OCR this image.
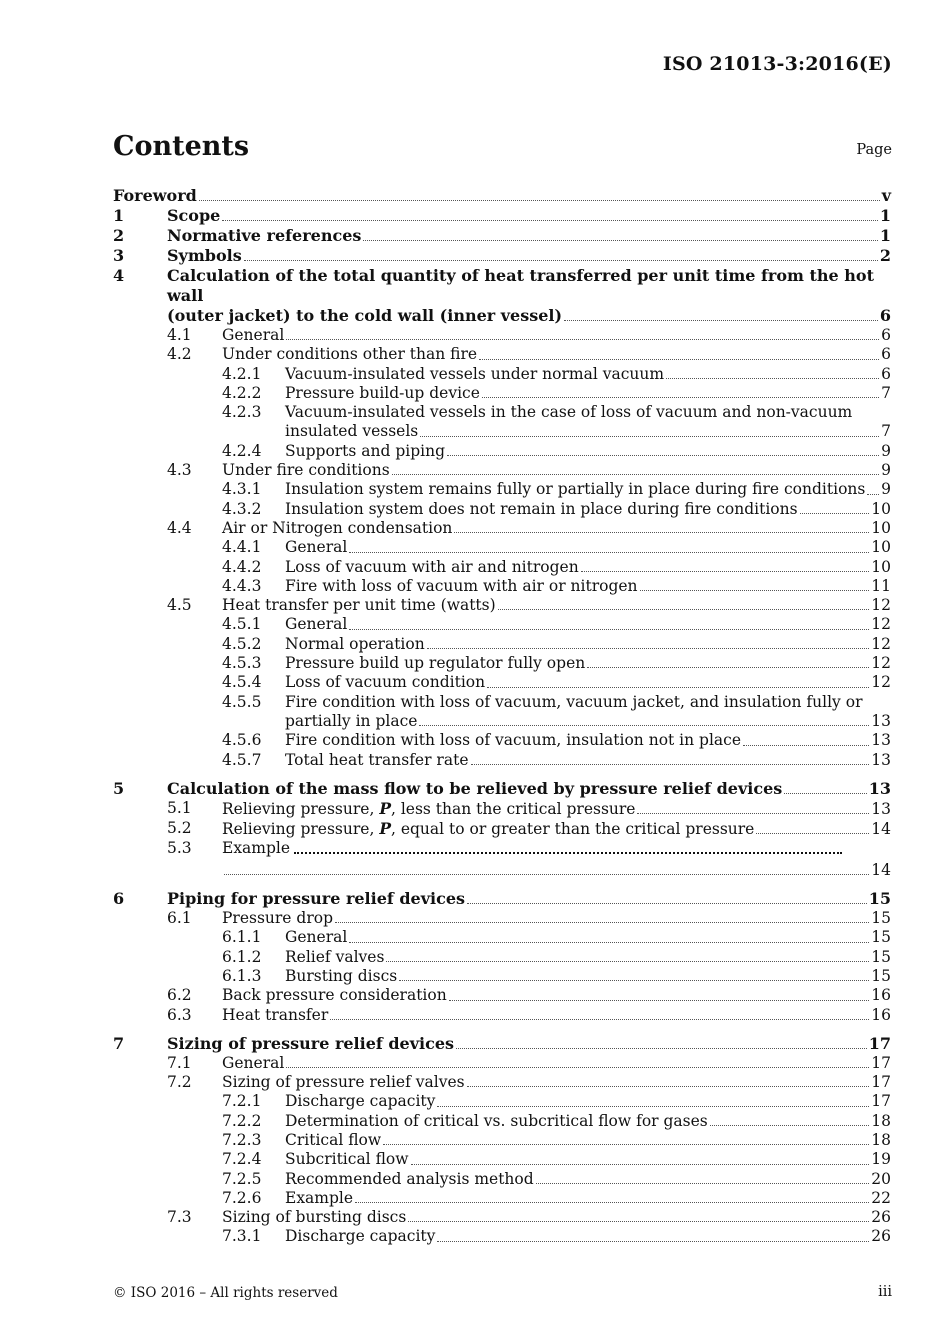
ISO 21013-3:2016(E)
Contents	Page
Foreword	v
1	Scope	1
2	Normative references	1
3	Symbols	2
4	Calculation of the total quantity of heat transferred per unit time from the hot wall
(outer jacket) to the cold wall (inner vessel)	6
4.1 General	6
4.2 Under conditions other than fire	6
4.2.1 Vacuum-insulated vessels under normal vacuum	6
4.2.2 Pressure build-up device	7
4.2.3 Vacuum-insulated vessels in the case of loss of vacuum and non-vacuum
insulated vessels	7
4.2.4 Supports and piping	9
4.3 Under fire conditions	9
4.3.1 Insulation system remains fully or partially in place during fire conditions 9
4.3.2 Insulation system does not remain in place during fire conditions	10
4.4 Air or Nitrogen condensation	10
4.4.1 General	10
4.4.2 Loss of vacuum with air and nitrogen	10
4.4.3 Fire with loss of vacuum with air or nitrogen	11
4.5 Heat transfer per unit time (watts)	12
4.5.1 General	12
4.5.2 Normal operation	12
4.5.3 Pressure build up regulator fully open	12
4.5.4 Loss of vacuum condition	12
4.5.5 Fire condition with loss of vacuum, vacuum jacket, and insulation fully or
partially in place	13
4.5.6 Fire condition with loss of vacuum, insulation not in place	13
4.5.7 Total heat transfer rate	13
5	Calculation of the mass flow to be relieved by pressure relief devices	13
5.1 Relieving pressure, P, less than the critical pressure	13
5.2 Relieving pressure, P, equal to or greater than the critical pressure	14
5.3 Example
14
6	Piping for pressure relief devices	15
6.1 Pressure drop	15
6.1.1 General	15
6.1.2 Relief valves	15
6.1.3 Bursting discs	15
6.2 Back pressure consideration	16
6.3 Heat transfer	16
7	Sizing of pressure relief devices	17
7.1 General	17
7.2 Sizing of pressure relief valves	17
7.2.1 Discharge capacity	17
7.2.2 Determination of critical vs. subcritical flow for gases	18
7.2.3 Critical flow	18
7.2.4 Subcritical flow	19
7.2.5 Recommended analysis method	20
7.2.6 Example	22
7.3 Sizing of bursting discs	26
7.3.1 Discharge capacity	26
© ISO 2016 – All rights reserved	iii
